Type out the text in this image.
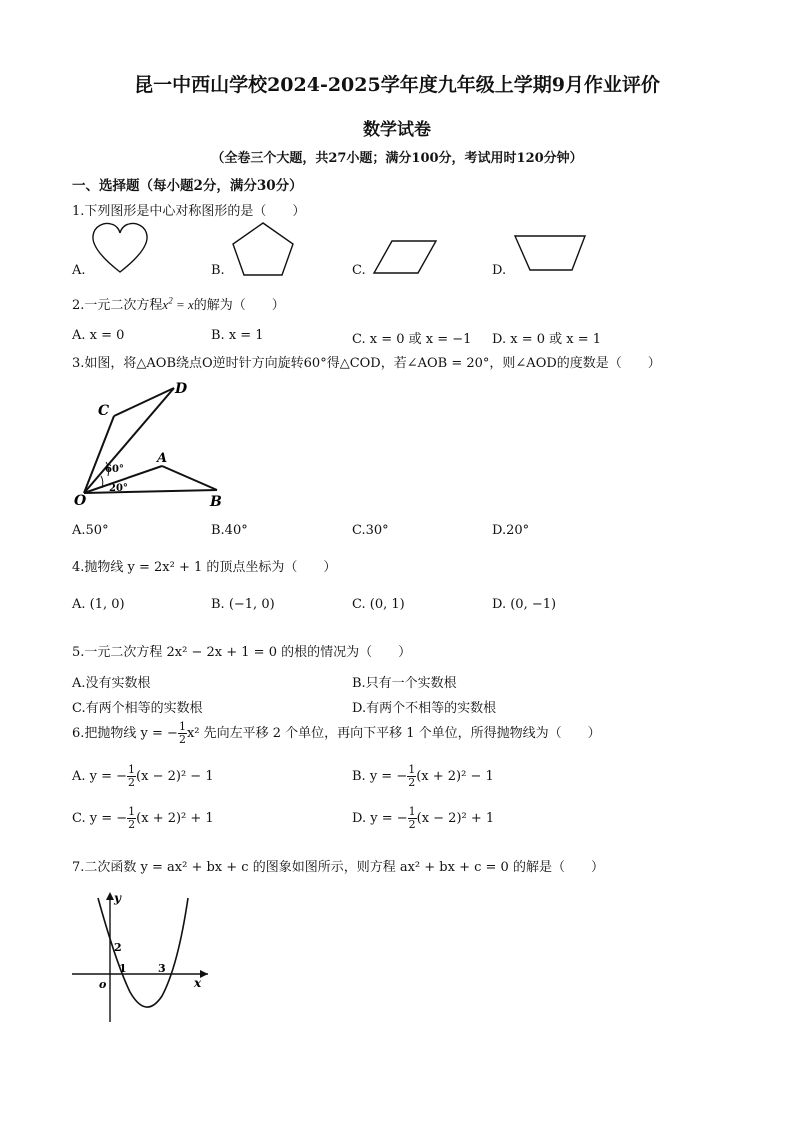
昆一中西山学校2024-2025学年度九年级上学期9月作业评价
数学试卷
（全卷三个大题，共27小题；满分100分，考试用时120分钟）
一、选择题（每小题2分，满分30分）
1.下列图形是中心对称图形的是（　　）
A.	B.	C.	D.
2.一元二次方程$x^2 = x$的解为（　　）
A. x = 0	B. x = 1	C. x = 0 或 x = −1 D. x = 0 或 x = 1
3.如图，将△AOB绕点O逆时针方向旋转60°得△COD，若∠AOB = 20°，则∠AOD的度数是（　　）
C
D
A
O	B
60°
20°
A.50°	B.40°	C.30°	D.20°
4.抛物线 y = 2x² + 1 的顶点坐标为（　　）
A. (1, 0)	B. (−1, 0)	C. (0, 1)	D. (0, −1)
5.一元二次方程 2x² − 2x + 1 = 0 的根的情况为（　　）
A.没有实数根	B.只有一个实数根
C.有两个相等的实数根	D.有两个不相等的实数根
6.把抛物线 y = − $\frac{1}{2} x^2$ 先向左平移 2 个单位，再向下平移 1 个单位，所得抛物线为（　　）
A. y = − $\frac{1}{2} (x - 2)^2 - 1$	B. y = − $\frac{1}{2} (x + 2)^2 - 1$
C. y = − $\frac{1}{2} (x + 2)^2 + 1$	D. y = − $\frac{1}{2} (x - 2)^2 + 1$
7.二次函数 y = ax² + bx + c 的图象如图所示，则方程 ax² + bx + c = 0 的解是（　　）
y
x
o
2
1	3
